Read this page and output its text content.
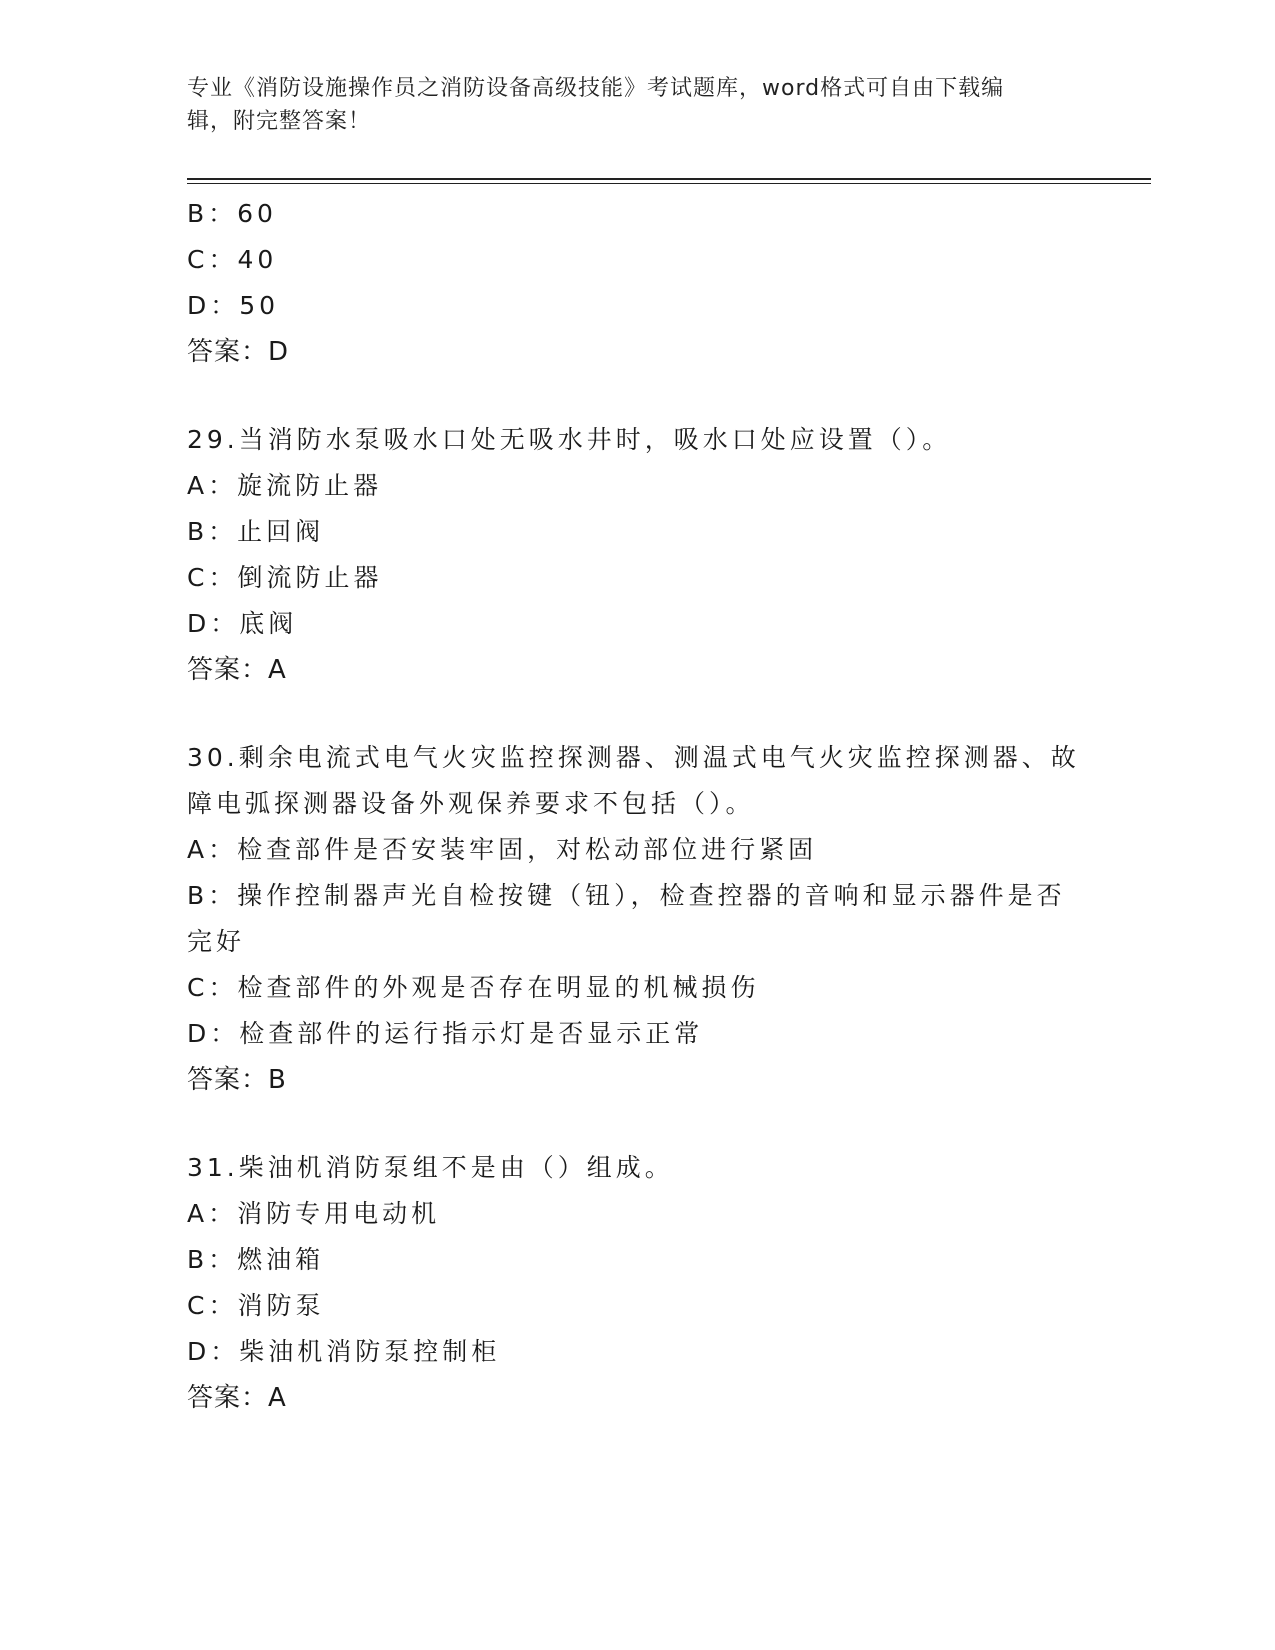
专业《消防设施操作员之消防设备高级技能》考试题库，word格式可自由下载编
辑，附完整答案！
B：60
C：40
D：50
答案：D
29.当消防水泵吸水口处无吸水井时，吸水口处应设置（）。
A：旋流防止器
B：止回阀
C：倒流防止器
D：底阀
答案：A
30.剩余电流式电气火灾监控探测器、测温式电气火灾监控探测器、故
障电弧探测器设备外观保养要求不包括（）。
A：检查部件是否安装牢固，对松动部位进行紧固
B：操作控制器声光自检按键（钮），检查控器的音响和显示器件是否
完好
C：检查部件的外观是否存在明显的机械损伤
D：检查部件的运行指示灯是否显示正常
答案：B
31.柴油机消防泵组不是由（）组成。
A：消防专用电动机
B：燃油箱
C：消防泵
D：柴油机消防泵控制柜
答案：A
